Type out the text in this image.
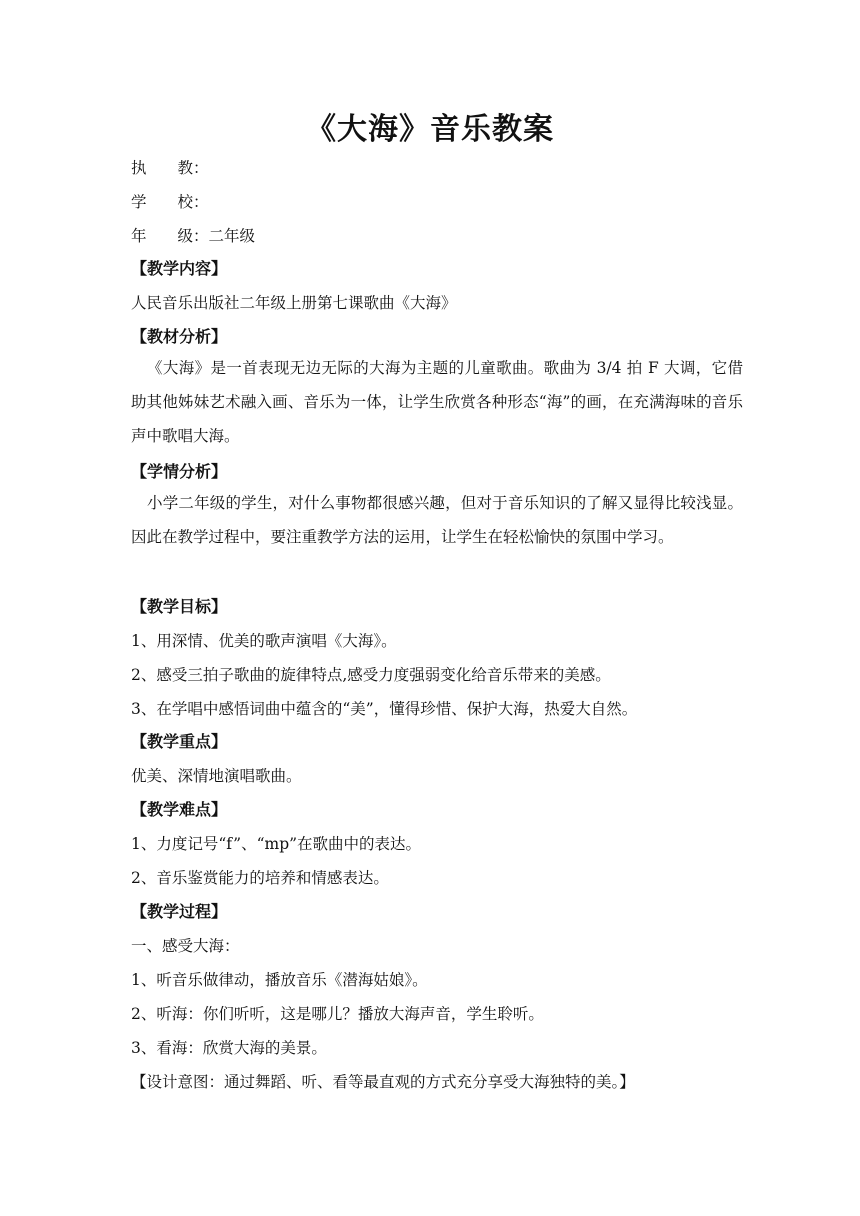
《大海》音乐教案
执　　教：
学　　校：
年　　级：二年级
【教学内容】
人民音乐出版社二年级上册第七课歌曲《大海》
【教材分析】
《大海》是一首表现无边无际的大海为主题的儿童歌曲。歌曲为 3/4 拍 F 大调，它借助其他姊妹艺术融入画、音乐为一体，让学生欣赏各种形态“海”的画，在充满海味的音乐声中歌唱大海。
【学情分析】
小学二年级的学生，对什么事物都很感兴趣，但对于音乐知识的了解又显得比较浅显。因此在教学过程中，要注重教学方法的运用，让学生在轻松愉快的氛围中学习。
【教学目标】
1、用深情、优美的歌声演唱《大海》。
2、感受三拍子歌曲的旋律特点,感受力度强弱变化给音乐带来的美感。
3、在学唱中感悟词曲中蕴含的“美”，懂得珍惜、保护大海，热爱大自然。
【教学重点】
优美、深情地演唱歌曲。
【教学难点】
1、力度记号“f”、“mp”在歌曲中的表达。
2、音乐鉴赏能力的培养和情感表达。
【教学过程】
一、感受大海：
1、听音乐做律动，播放音乐《潜海姑娘》。
2、听海：你们听听，这是哪儿？播放大海声音，学生聆听。
3、看海：欣赏大海的美景。
【设计意图：通过舞蹈、听、看等最直观的方式充分享受大海独特的美。】
